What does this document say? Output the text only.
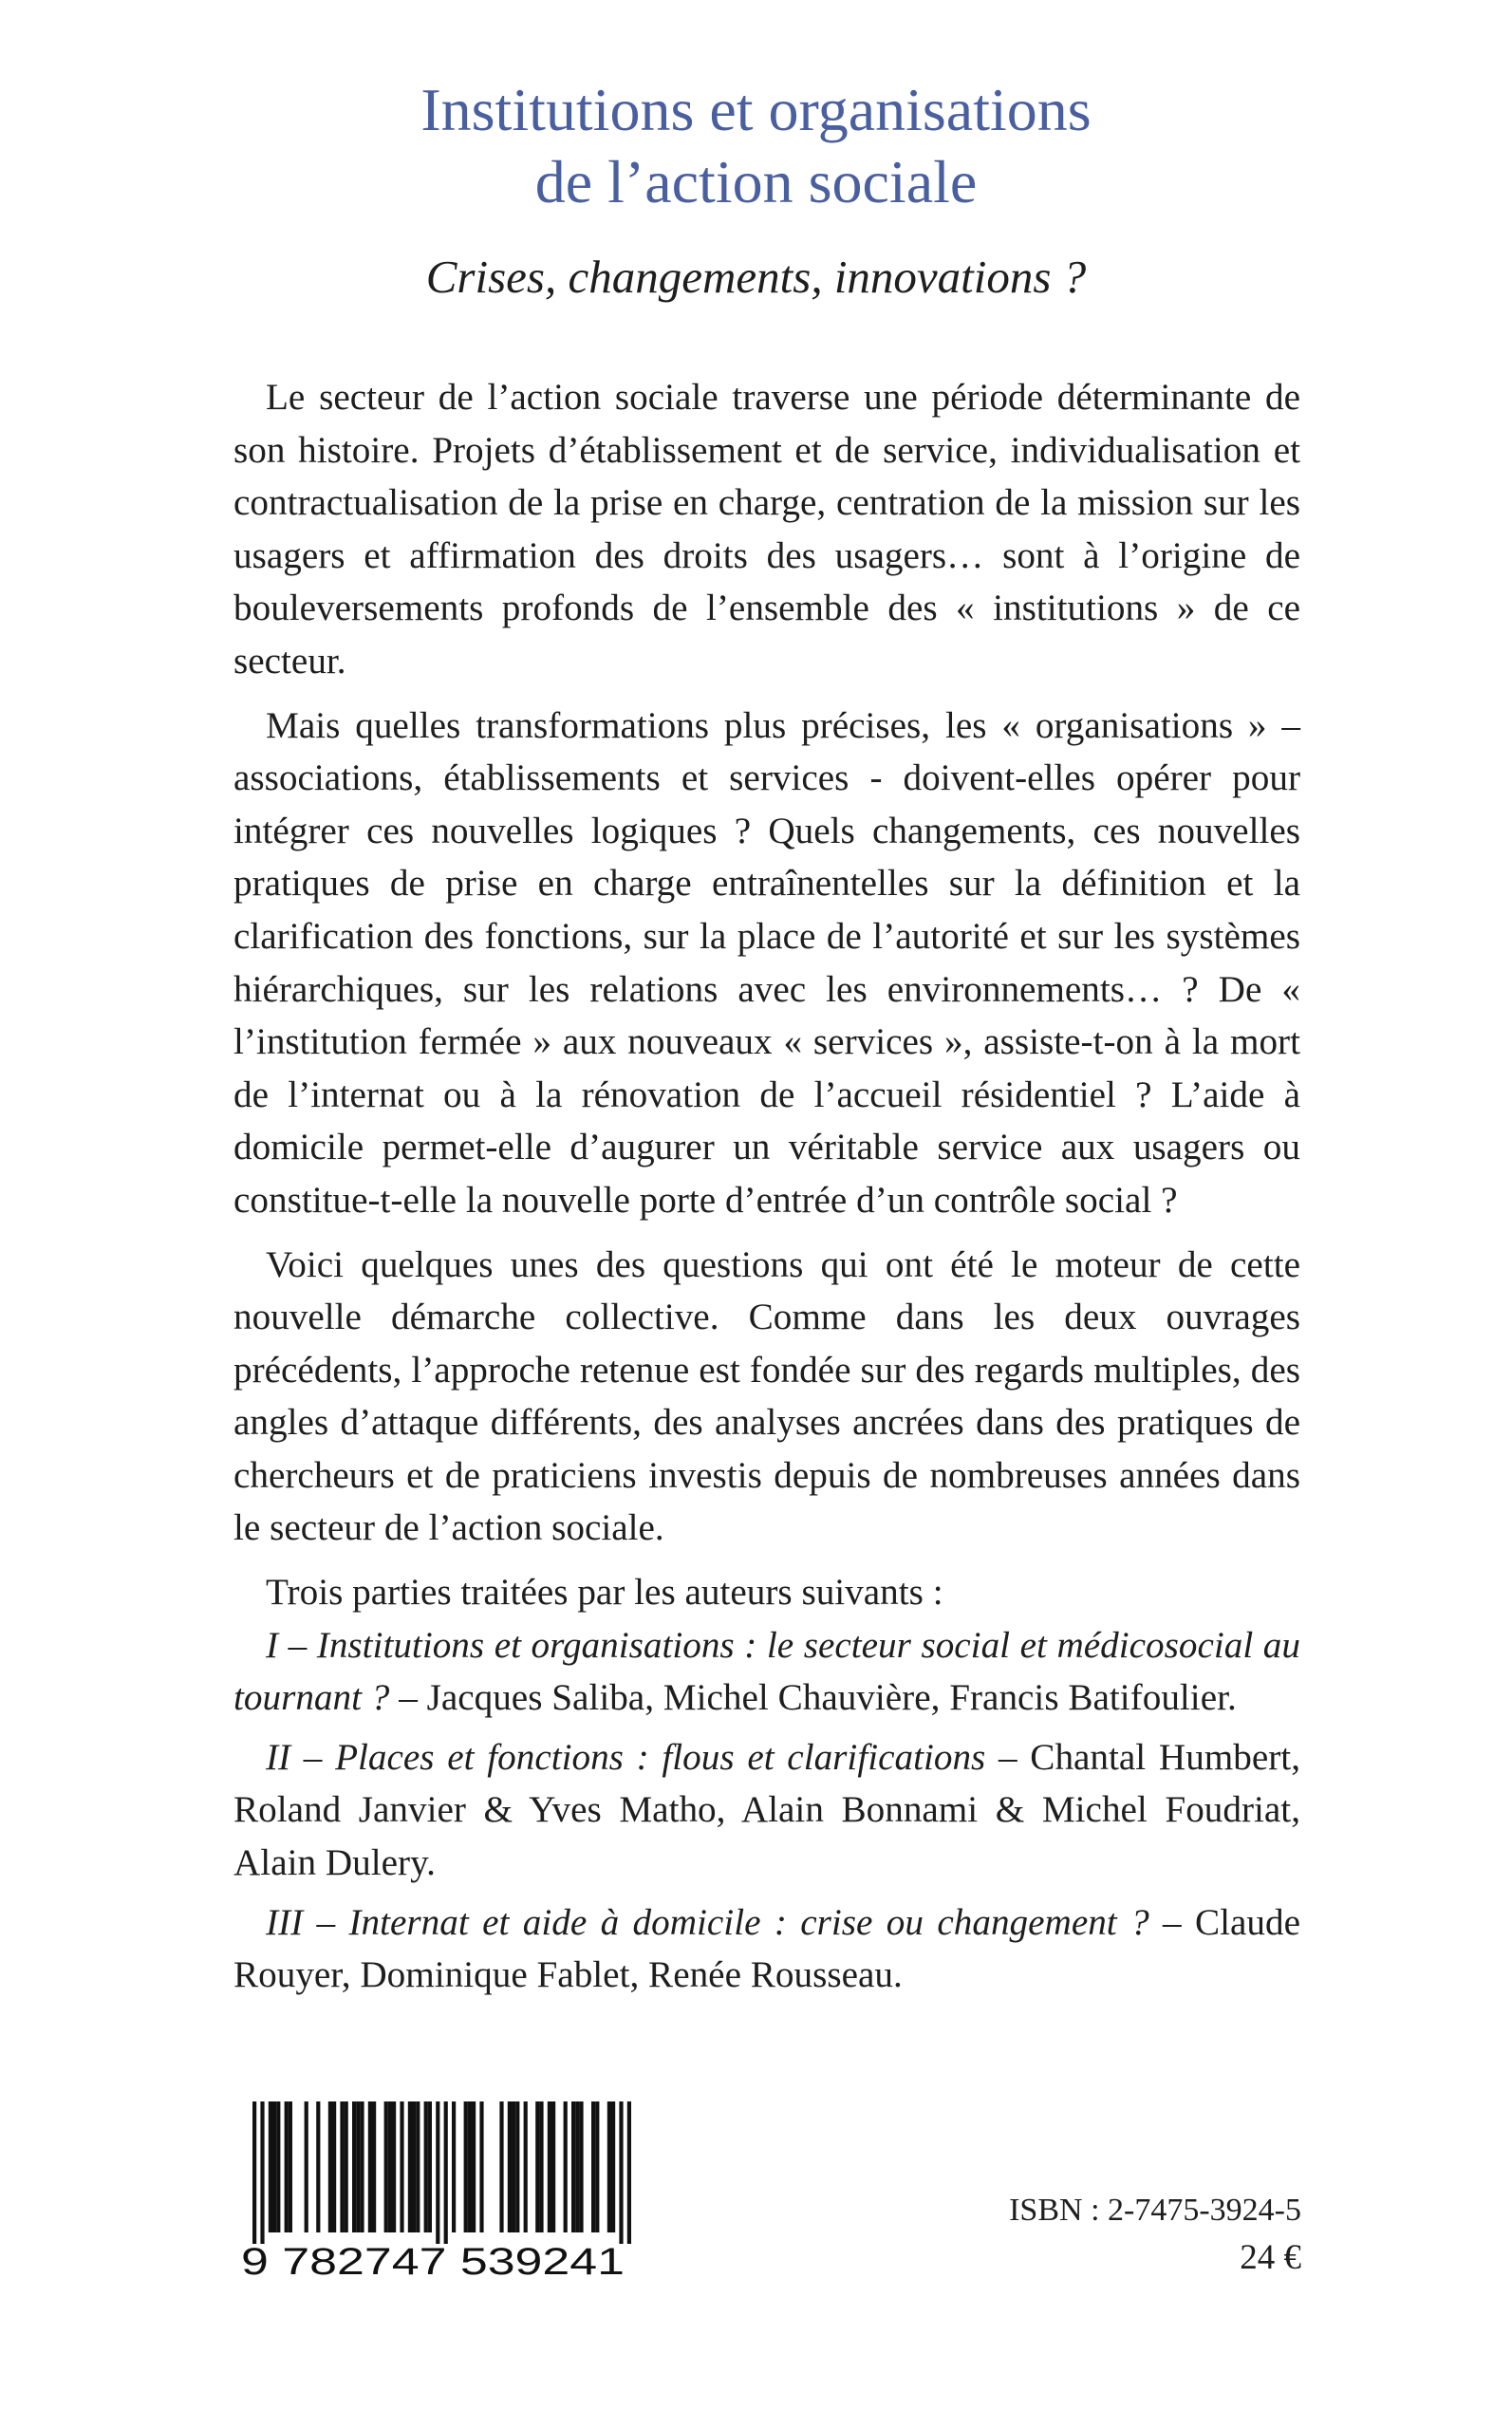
Institutions et organisations
de l’action sociale

Crises, changements, innovations ?

Le secteur de l’action sociale traverse une période déterminante de son histoire. Projets d’établissement et de service, individualisation et contractualisation de la prise en charge, centration de la mission sur les usagers et affirmation des droits des usagers… sont à l’origine de bouleversements profonds de l’ensemble des « institutions » de ce secteur.

Mais quelles transformations plus précises, les « organisations » – associations, établissements et services - doivent-elles opérer pour intégrer ces nouvelles logiques ? Quels changements, ces nouvelles pratiques de prise en charge entraînentelles sur la définition et la clarification des fonctions, sur la place de l’autorité et sur les systèmes hiérarchiques, sur les relations avec les environnements… ? De « l’institution fermée » aux nouveaux « services », assiste-t-on à la mort de l’internat ou à la rénovation de l’accueil résidentiel ? L’aide à domicile permet-elle d’augurer un véritable service aux usagers ou constitue-t-elle la nouvelle porte d’entrée d’un contrôle social ?

Voici quelques unes des questions qui ont été le moteur de cette nouvelle démarche collective. Comme dans les deux ouvrages précédents, l’approche retenue est fondée sur des regards multiples, des angles d’attaque différents, des analyses ancrées dans des pratiques de chercheurs et de praticiens investis depuis de nombreuses années dans le secteur de l’action sociale.

Trois parties traitées par les auteurs suivants :

I – Institutions et organisations : le secteur social et médicosocial au tournant ? – Jacques Saliba, Michel Chauvière, Francis Batifoulier.

II – Places et fonctions : flous et clarifications – Chantal Humbert, Roland Janvier & Yves Matho, Alain Bonnami & Michel Foudriat, Alain Dulery.

III – Internat et aide à domicile : crise ou changement ? – Claude Rouyer, Dominique Fablet, Renée Rousseau.

9 782747 539241

ISBN : 2-7475-3924-5

24 €
